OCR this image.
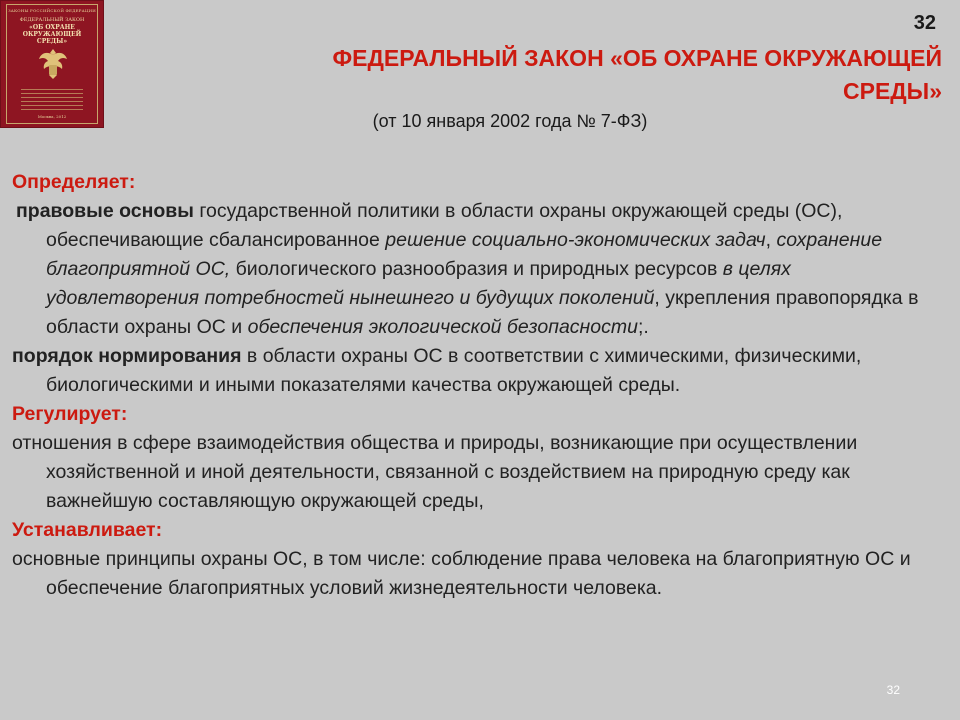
ЗАКОНЫ РОССИЙСКОЙ ФЕДЕРАЦИИ
ФЕДЕРАЛЬНЫЙ ЗАКОН
«ОБ ОХРАНЕ
ОКРУЖАЮЩЕЙ СРЕДЫ»
Москва, 2012
32
ФЕДЕРАЛЬНЫЙ ЗАКОН «ОБ ОХРАНЕ ОКРУЖАЮЩЕЙ
СРЕДЫ»
(от 10 января 2002 года № 7-ФЗ)
Определяет:
правовые основы государственной политики в области охраны окружающей среды (ОС), обеспечивающие сбалансированное решение социально-экономических задач, сохранение благоприятной ОС, биологического разнообразия и природных ресурсов в целях удовлетворения потребностей нынешнего и будущих поколений, укрепления правопорядка в области охраны ОС и обеспечения экологической безопасности;.
порядок нормирования в области охраны ОС в соответствии с химическими, физическими, биологическими и иными показателями качества окружающей среды.
Регулирует:
отношения в сфере взаимодействия общества и природы, возникающие при осуществлении хозяйственной и иной деятельности, связанной с воздействием на природную среду как важнейшую составляющую окружающей среды,
Устанавливает:
основные принципы охраны ОС, в том числе: соблюдение права человека на благоприятную ОС и обеспечение благоприятных условий жизнедеятельности человека.
32
